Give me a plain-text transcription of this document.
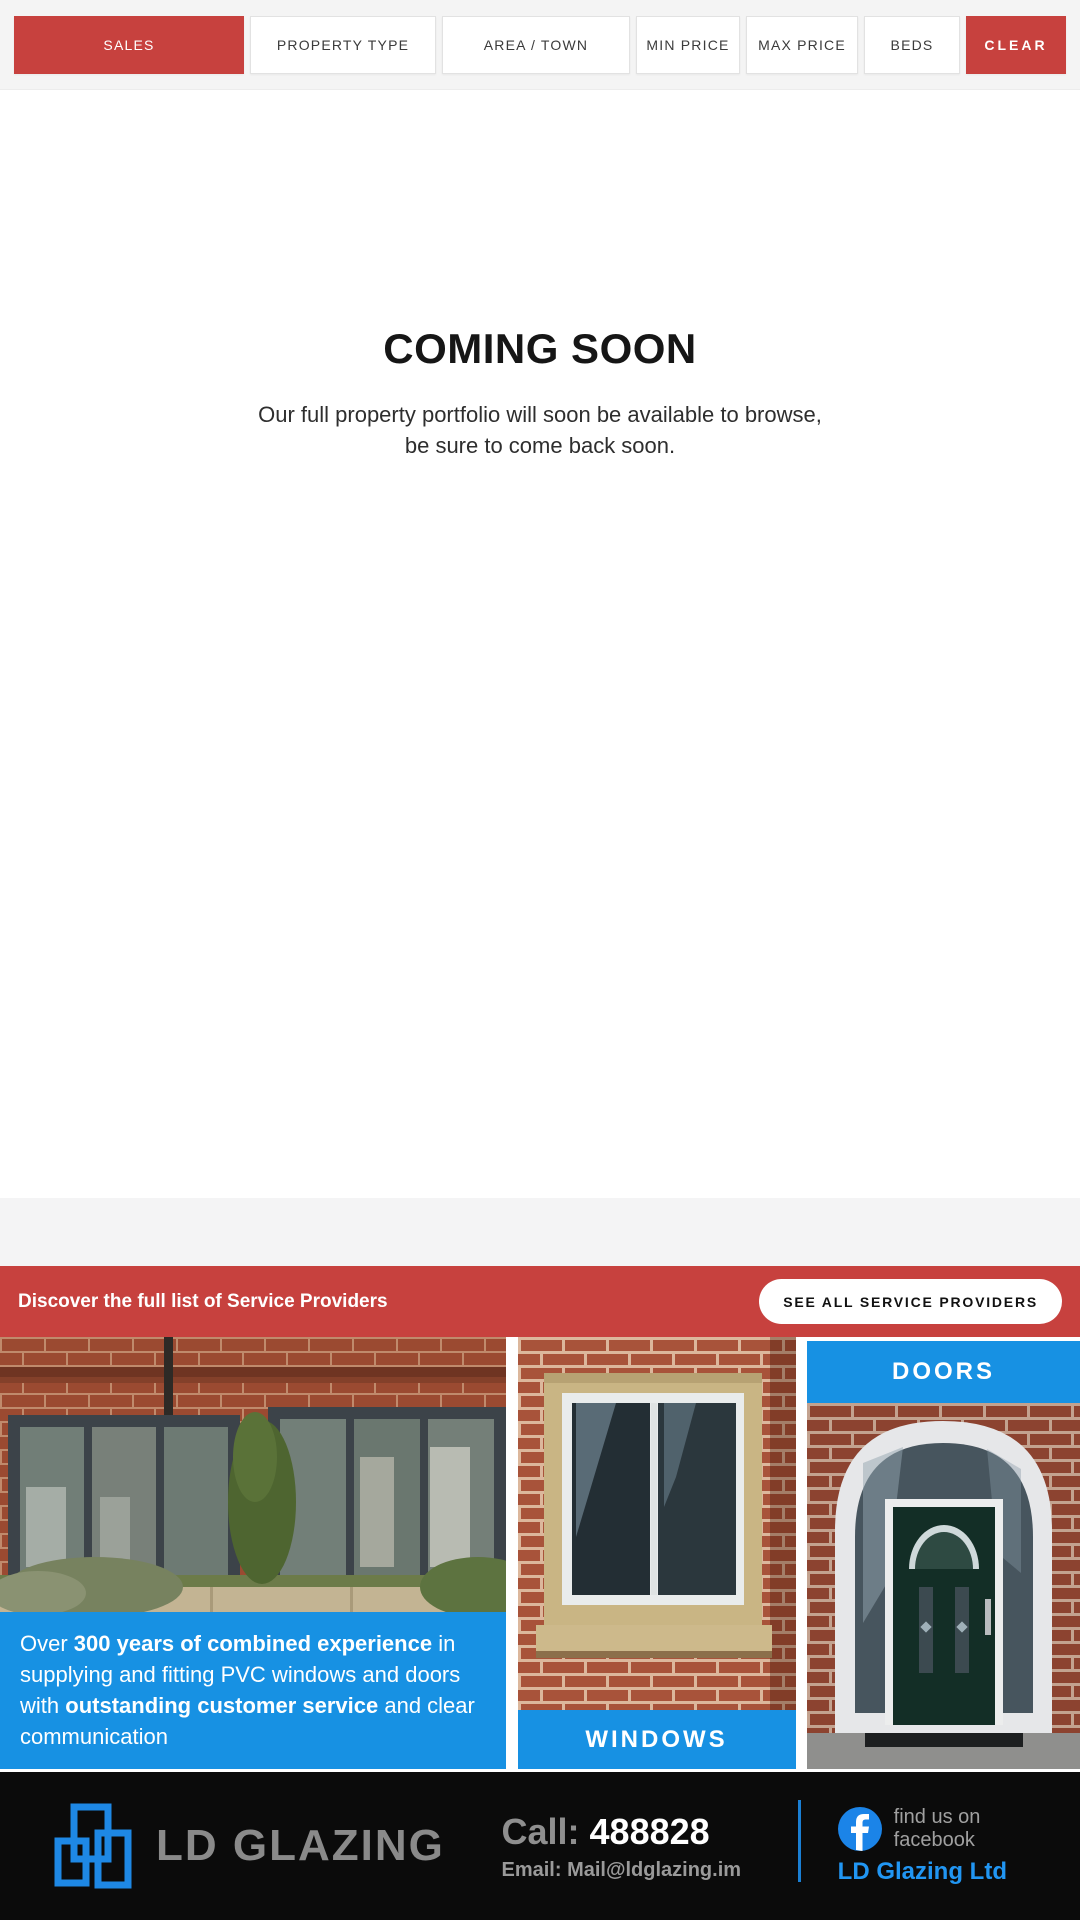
SALES	PROPERTY TYPE	AREA / TOWN	MIN PRICE	MAX PRICE	BEDS	CLEAR
COMING SOON
Our full property portfolio will soon be available to browse, be sure to come back soon.
Discover the full list of Service Providers	SEE ALL SERVICE PROVIDERS
Over 300 years of combined experience in supplying and fitting PVC windows and doors with outstanding customer service and clear communication	WINDOWS
DOORS
LD GLAZING Call: 488828
Email: Mail@ldglazing.im
find us on
facebook
LD Glazing Ltd
